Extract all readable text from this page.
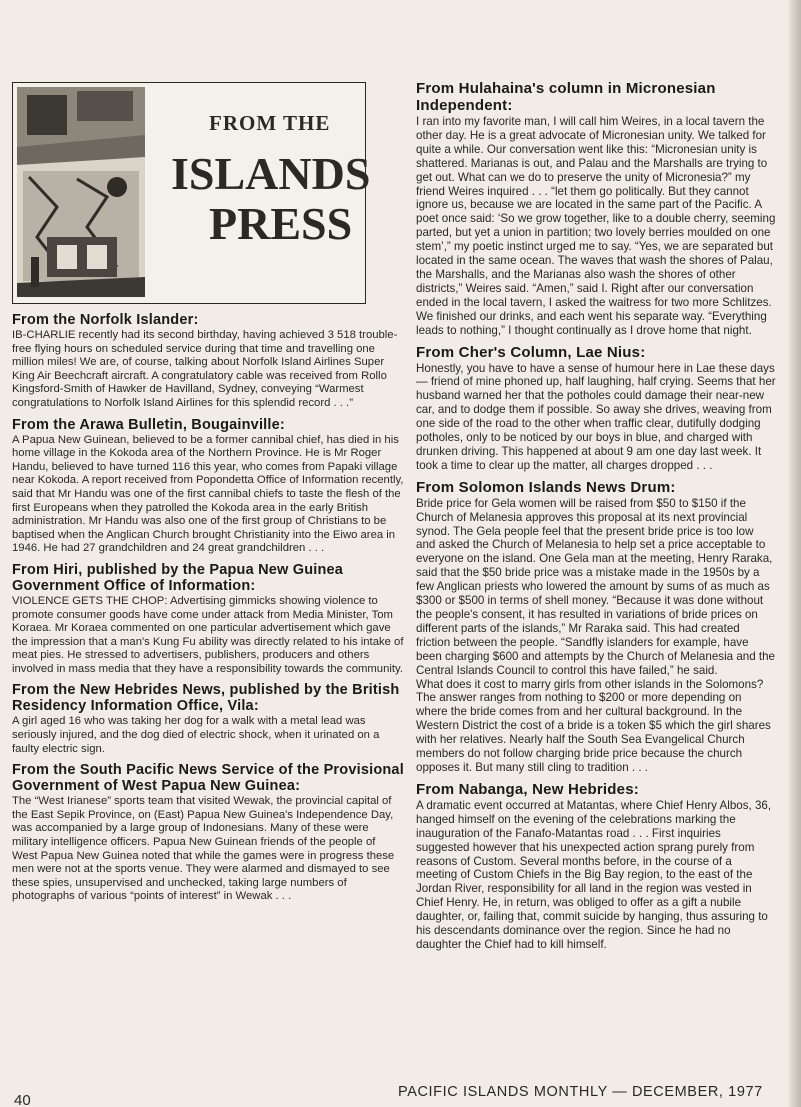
FROM THE
ISLANDS
PRESS
From the Norfolk Islander:

IB-CHARLIE recently had its second birthday, having achieved 3 518 trouble-free flying hours on scheduled service during that time and travelling one million miles! We are, of course, talking about Norfolk Island Airlines Super King Air Beechcraft aircraft. A congratulatory cable was received from Rollo Kingsford-Smith of Hawker de Havilland, Sydney, conveying “Warmest congratulations to Norfolk Island Airlines for this splendid record . . .”

From the Arawa Bulletin, Bougainville:

A Papua New Guinean, believed to be a former cannibal chief, has died in his home village in the Kokoda area of the Northern Province. He is Mr Roger Handu, believed to have turned 116 this year, who comes from Papaki village near Kokoda. A report received from Popondetta Office of Information recently, said that Mr Handu was one of the first cannibal chiefs to taste the flesh of the first Europeans when they patrolled the Kokoda area in the early British administration. Mr Handu was also one of the first group of Christians to be baptised when the Anglican Church brought Christianity into the Eiwo area in 1946. He had 27 grandchildren and 24 great grandchildren . . .

From Hiri, published by the Papua New Guinea Government Office of Information:

VIOLENCE GETS THE CHOP: Advertising gimmicks showing violence to promote consumer goods have come under attack from Media Minister, Tom Koraea. Mr Koraea commented on one particular advertisement which gave the impression that a man's Kung Fu ability was directly related to his intake of meat pies. He stressed to advertisers, publishers, producers and others involved in mass media that they have a responsibility towards the community.

From the New Hebrides News, published by the British Residency Information Office, Vila:

A girl aged 16 who was taking her dog for a walk with a metal lead was seriously injured, and the dog died of electric shock, when it urinated on a faulty electric sign.

From the South Pacific News Service of the Provisional Government of West Papua New Guinea:

The “West Irianese” sports team that visited Wewak, the provincial capital of the East Sepik Province, on (East) Papua New Guinea's Independence Day, was accompanied by a large group of Indonesians. Many of these were military intelligence officers. Papua New Guinean friends of the people of West Papua New Guinea noted that while the games were in progress these men were not at the sports venue. They were alarmed and dismayed to see these spies, unsupervised and unchecked, taking large numbers of photographs of various “points of interest” in Wewak . . .

From Hulahaina's column in Micronesian Independent:

I ran into my favorite man, I will call him Weires, in a local tavern the other day. He is a great advocate of Micronesian unity. We talked for quite a while. Our conversation went like this: “Micronesian unity is shattered. Marianas is out, and Palau and the Marshalls are trying to get out. What can we do to preserve the unity of Micronesia?” my friend Weires inquired . . . “let them go politically. But they cannot ignore us, because we are located in the same part of the Pacific. A poet once said: ‘So we grow together, like to a double cherry, seeming parted, but yet a union in partition; two lovely berries moulded on one stem’,” my poetic instinct urged me to say. “Yes, we are separated but located in the same ocean. The waves that wash the shores of Palau, the Marshalls, and the Marianas also wash the shores of other districts,” Weires said. “Amen,” said I. Right after our conversation ended in the local tavern, I asked the waitress for two more Schlitzes. We finished our drinks, and each went his separate way. “Everything leads to nothing,” I thought continually as I drove home that night.

From Cher's Column, Lae Nius:

Honestly, you have to have a sense of humour here in Lae these days — friend of mine phoned up, half laughing, half crying. Seems that her husband warned her that the potholes could damage their near-new car, and to dodge them if possible. So away she drives, weaving from one side of the road to the other when traffic clear, dutifully dodging potholes, only to be noticed by our boys in blue, and charged with drunken driving. This happened at about 9 am one day last week. It took a time to clear up the matter, all charges dropped . . .

From Solomon Islands News Drum:

Bride price for Gela women will be raised from $50 to $150 if the Church of Melanesia approves this proposal at its next provincial synod. The Gela people feel that the present bride price is too low and asked the Church of Melanesia to help set a price acceptable to everyone on the island. One Gela man at the meeting, Henry Raraka, said that the $50 bride price was a mistake made in the 1950s by a few Anglican priests who lowered the amount by sums of as much as $300 or $500 in terms of shell money. “Because it was done without the people's consent, it has resulted in variations of bride prices on different parts of the islands,” Mr Raraka said. This had created friction between the people. “Sandfly islanders for example, have been charging $600 and attempts by the Church of Melanesia and the Central Islands Council to control this have failed,” he said.

What does it cost to marry girls from other islands in the Solomons? The answer ranges from nothing to $200 or more depending on where the bride comes from and her cultural background. In the Western District the cost of a bride is a token $5 which the girl shares with her relatives. Nearly half the South Sea Evangelical Church members do not follow charging bride price because the church opposes it. But many still cling to tradition . . .

From Nabanga, New Hebrides:

A dramatic event occurred at Matantas, where Chief Henry Albos, 36, hanged himself on the evening of the celebrations marking the inauguration of the Fanafo-Matantas road . . . First inquiries suggested however that his unexpected action sprang purely from reasons of Custom. Several months before, in the course of a meeting of Custom Chiefs in the Big Bay region, to the east of the Jordan River, responsibility for all land in the region was vested in Chief Henry. He, in return, was obliged to offer as a gift a nubile daughter, or, failing that, commit suicide by hanging, thus assuring to his descendants dominance over the region. Since he had no daughter the Chief had to kill himself.

40	PACIFIC ISLANDS MONTHLY — DECEMBER, 1977
